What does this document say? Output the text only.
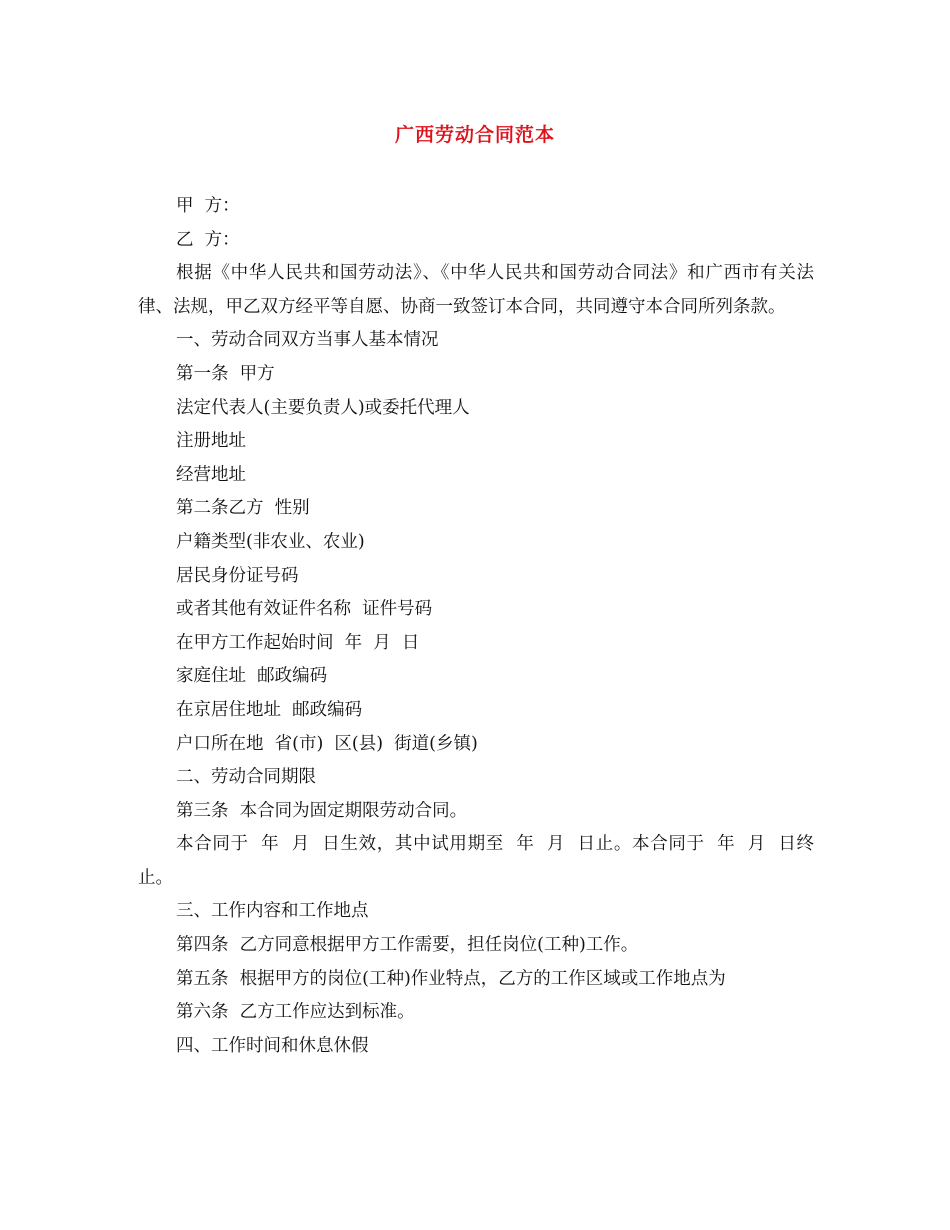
广西劳动合同范本

甲  方：

乙  方：

根据《中华人民共和国劳动法》、《中华人民共和国劳动合同法》和广西市有关法律、法规，甲乙双方经平等自愿、协商一致签订本合同，共同遵守本合同所列条款。

一、劳动合同双方当事人基本情况

第一条  甲方

法定代表人(主要负责人)或委托代理人

注册地址

经营地址

第二条乙方  性别

户籍类型(非农业、农业)

居民身份证号码

或者其他有效证件名称  证件号码

在甲方工作起始时间  年  月  日

家庭住址  邮政编码

在京居住地址  邮政编码

户口所在地  省(市)  区(县)  街道(乡镇)

二、劳动合同期限

第三条  本合同为固定期限劳动合同。

本合同于  年  月  日生效，其中试用期至  年  月  日止。本合同于  年  月  日终止。

三、工作内容和工作地点

第四条  乙方同意根据甲方工作需要，担任岗位(工种)工作。

第五条  根据甲方的岗位(工种)作业特点，乙方的工作区域或工作地点为

第六条  乙方工作应达到标准。

四、工作时间和休息休假
